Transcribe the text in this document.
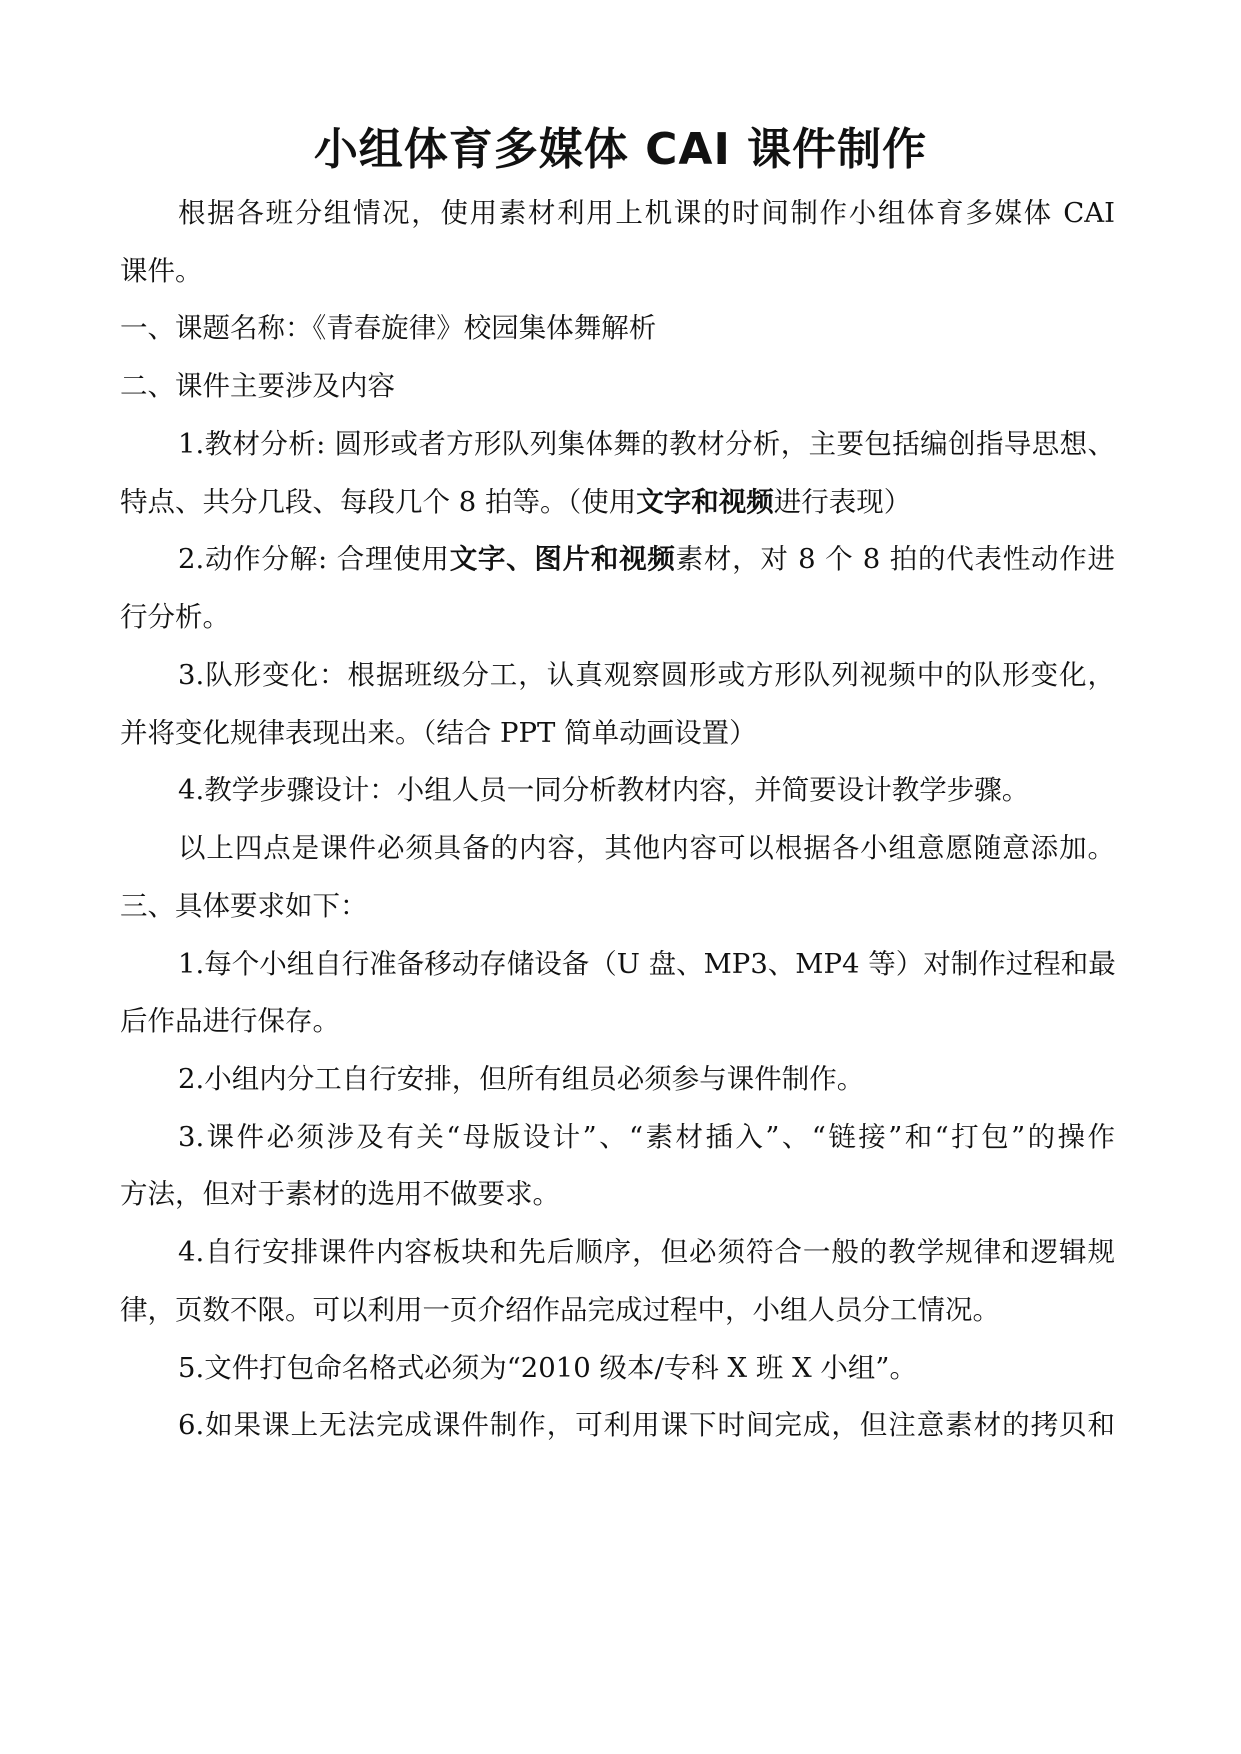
小组体育多媒体 CAI 课件制作
根据各班分组情况，使用素材利用上机课的时间制作小组体育多媒体 CAI
课件。
一、课题名称：《青春旋律》校园集体舞解析
二、课件主要涉及内容
1.教材分析: 圆形或者方形队列集体舞的教材分析，主要包括编创指导思想、
特点、共分几段、每段几个 8 拍等。（使用文字和视频进行表现）
2.动作分解: 合理使用文字、图片和视频素材，对 8 个 8 拍的代表性动作进
行分析。
3.队形变化：根据班级分工，认真观察圆形或方形队列视频中的队形变化，
并将变化规律表现出来。（结合 PPT 简单动画设置）
4.教学步骤设计：小组人员一同分析教材内容，并简要设计教学步骤。
以上四点是课件必须具备的内容，其他内容可以根据各小组意愿随意添加。
三、具体要求如下：
1.每个小组自行准备移动存储设备（U 盘、MP3、MP4 等）对制作过程和最
后作品进行保存。
2.小组内分工自行安排，但所有组员必须参与课件制作。
3.课件必须涉及有关“母版设计”、“素材插入”、“链接”和“打包”的操作
方法，但对于素材的选用不做要求。
4.自行安排课件内容板块和先后顺序，但必须符合一般的教学规律和逻辑规
律，页数不限。可以利用一页介绍作品完成过程中，小组人员分工情况。
5.文件打包命名格式必须为“2010 级本/专科 X 班 X 小组”。
6.如果课上无法完成课件制作，可利用课下时间完成，但注意素材的拷贝和
